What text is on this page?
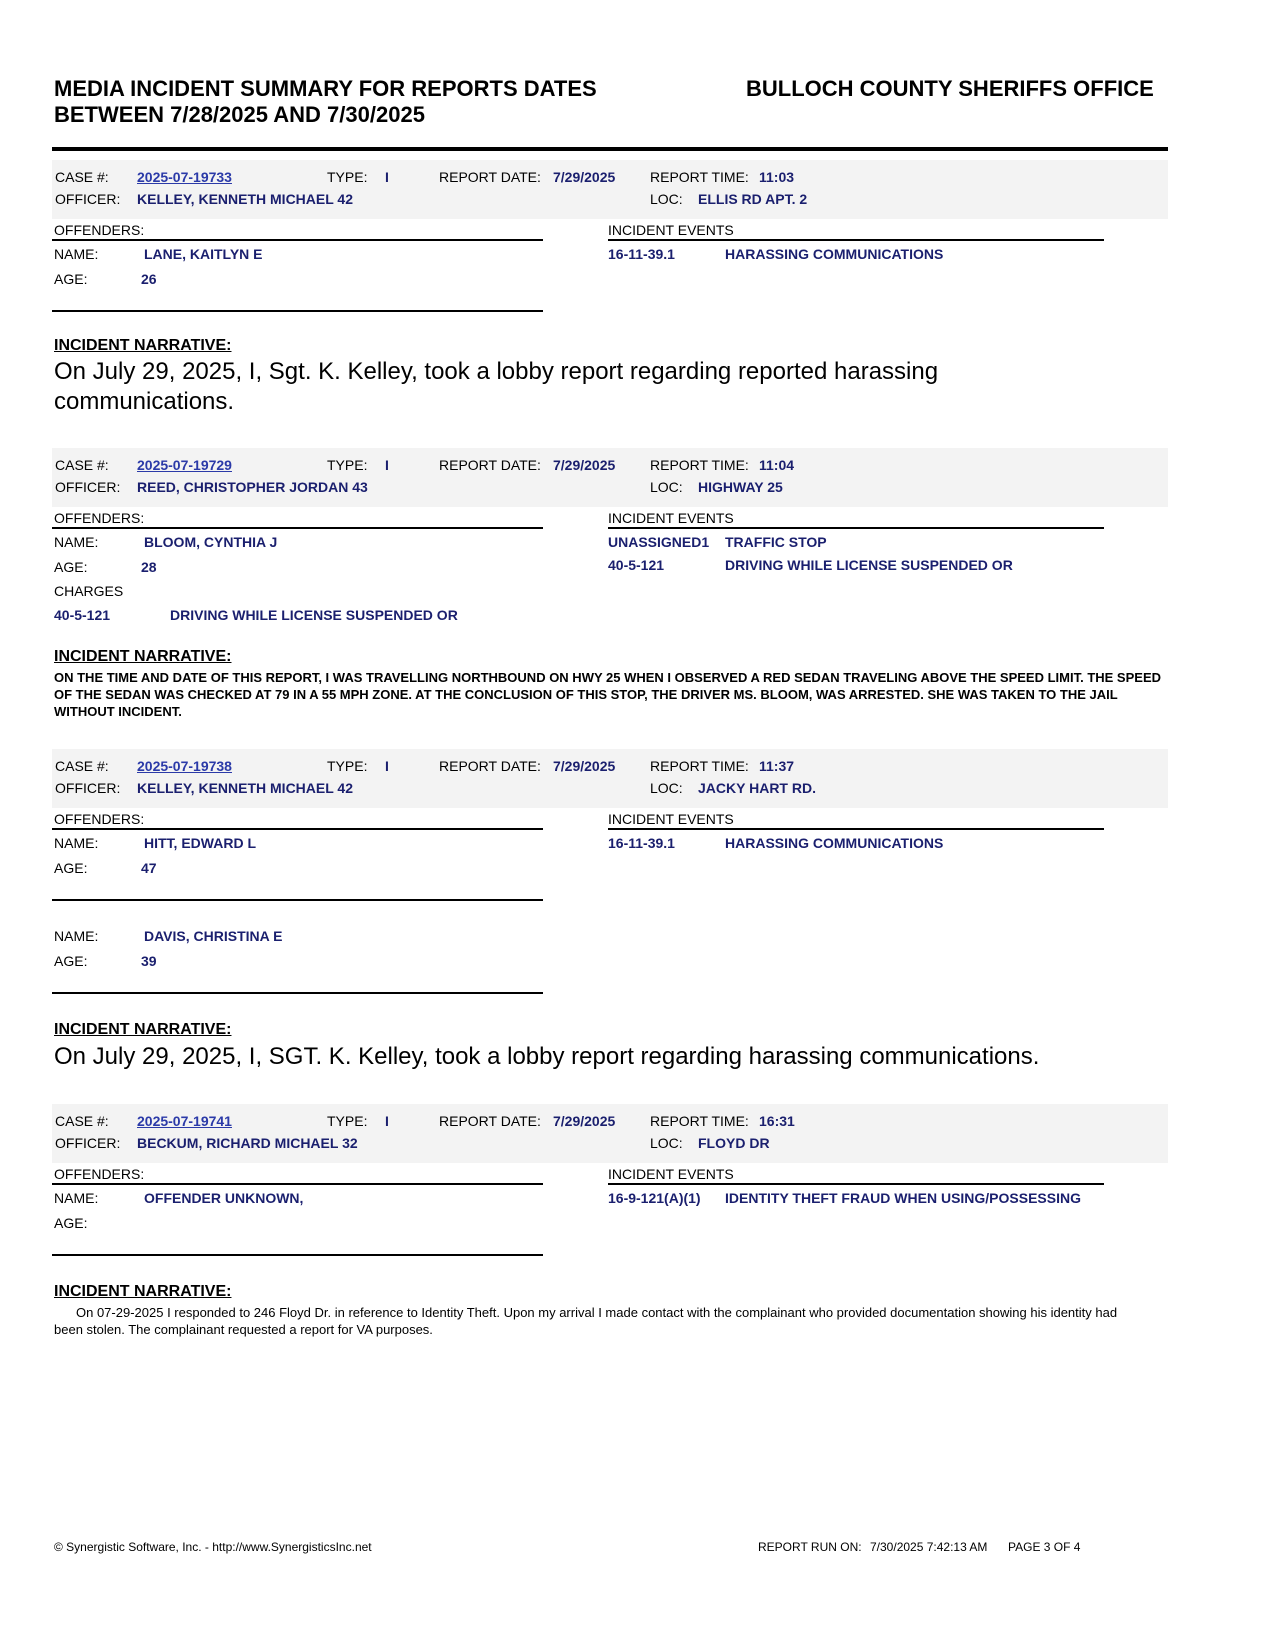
MEDIA INCIDENT SUMMARY FOR REPORTS DATES BETWEEN 7/28/2025 AND 7/30/2025
BULLOCH COUNTY SHERIFFS OFFICE
CASE #: 2025-07-19733	TYPE: I	REPORT DATE: 7/29/2025 REPORT TIME: 11:03
OFFICER: KELLEY, KENNETH MICHAEL 42	LOC: ELLIS RD APT. 2
OFFENDERS:	INCIDENT EVENTS
NAME:	LANE, KAITLYN E
AGE:	26
16-11-39.1	HARASSING COMMUNICATIONS
INCIDENT NARRATIVE:
On July 29, 2025, I, Sgt. K. Kelley, took a lobby report regarding reported harassing communications.
CASE #: 2025-07-19729	TYPE: I	REPORT DATE: 7/29/2025 REPORT TIME: 11:04
OFFICER: REED, CHRISTOPHER JORDAN 43	LOC: HIGHWAY 25
OFFENDERS:	INCIDENT EVENTS
NAME:	BLOOM, CYNTHIA J
AGE:	28
CHARGES
40-5-121	DRIVING WHILE LICENSE SUSPENDED OR
UNASSIGNED1 TRAFFIC STOP
40-5-121	DRIVING WHILE LICENSE SUSPENDED OR
INCIDENT NARRATIVE:
ON THE TIME AND DATE OF THIS REPORT, I WAS TRAVELLING NORTHBOUND ON HWY 25 WHEN I OBSERVED A RED SEDAN TRAVELING ABOVE THE SPEED LIMIT. THE SPEED OF THE SEDAN WAS CHECKED AT 79 IN A 55 MPH ZONE. AT THE CONCLUSION OF THIS STOP, THE DRIVER MS. BLOOM, WAS ARRESTED. SHE WAS TAKEN TO THE JAIL WITHOUT INCIDENT.
CASE #: 2025-07-19738	TYPE: I	REPORT DATE: 7/29/2025 REPORT TIME: 11:37
OFFICER: KELLEY, KENNETH MICHAEL 42	LOC: JACKY HART RD.
OFFENDERS:	INCIDENT EVENTS
NAME:	HITT, EDWARD L
AGE:	47
NAME:	DAVIS, CHRISTINA E
AGE:	39
16-11-39.1	HARASSING COMMUNICATIONS
INCIDENT NARRATIVE:
On July 29, 2025, I, SGT. K. Kelley, took a lobby report regarding harassing communications.
CASE #: 2025-07-19741	TYPE: I	REPORT DATE: 7/29/2025 REPORT TIME: 16:31
OFFICER: BECKUM, RICHARD MICHAEL 32	LOC: FLOYD DR
OFFENDERS:	INCIDENT EVENTS
NAME:	OFFENDER UNKNOWN,
AGE:
16-9-121(A)(1) IDENTITY THEFT FRAUD WHEN USING/POSSESSING
INCIDENT NARRATIVE:
On 07-29-2025 I responded to 246 Floyd Dr. in reference to Identity Theft. Upon my arrival I made contact with the complainant who provided documentation showing his identity had been stolen. The complainant requested a report for VA purposes.
© Synergistic Software, Inc. - http://www.SynergisticsInc.net	REPORT RUN ON: 7/30/2025 7:42:13 AM PAGE 3 OF 4
